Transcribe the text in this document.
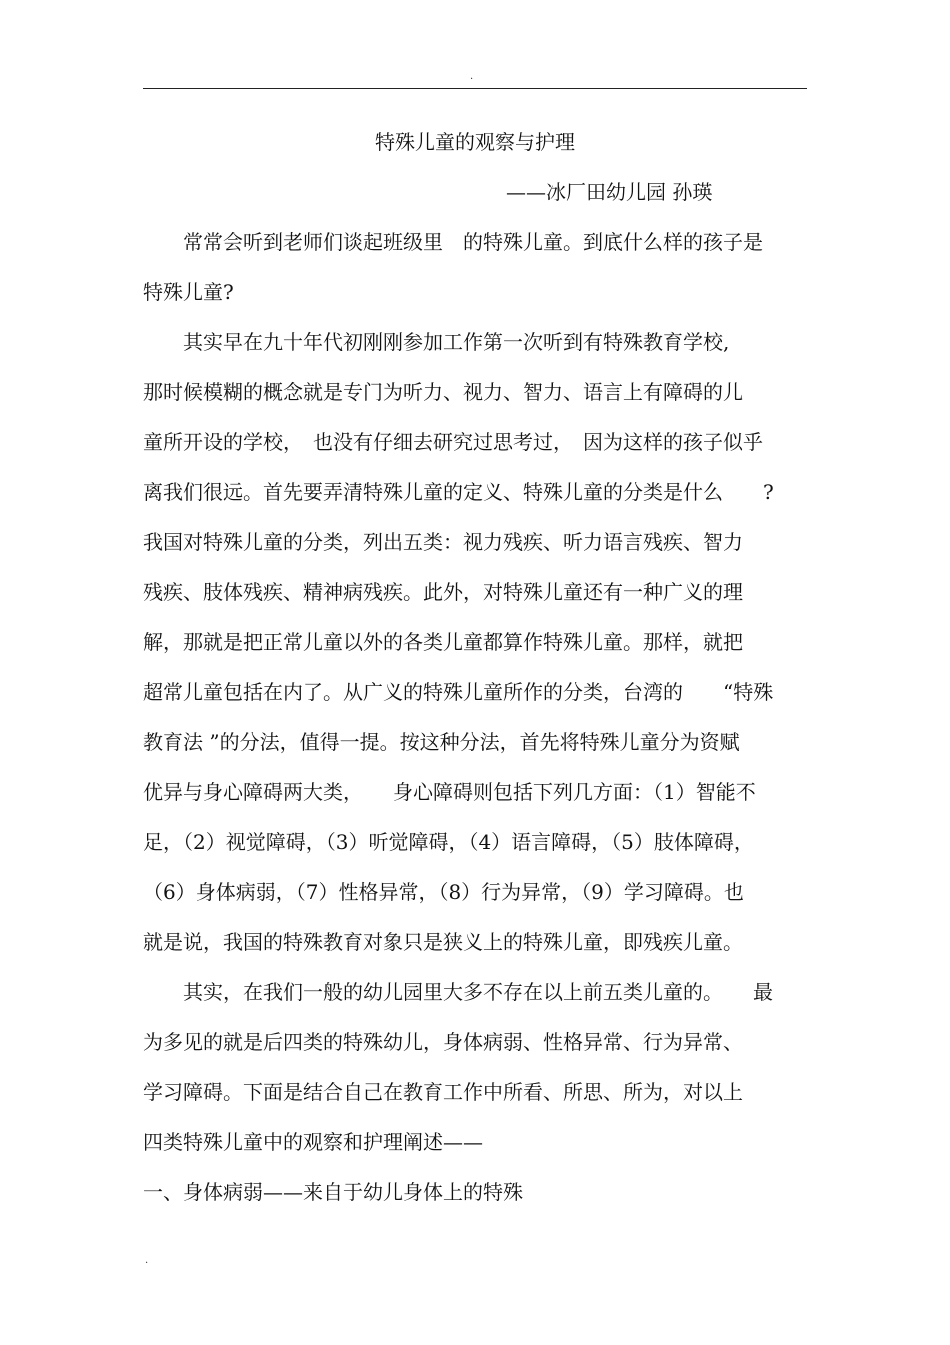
.
特殊儿童的观察与护理
——冰厂田幼儿园 孙瑛
　　常常会听到老师们谈起班级里　的特殊儿童。到底什么样的孩子是
特殊儿童?
　　其实早在九十年代初刚刚参加工作第一次听到有特殊教育学校,
那时候模糊的概念就是专门为听力、视力、智力、语言上有障碍的儿
童所开设的学校，　也没有仔细去研究过思考过，　因为这样的孩子似乎
离我们很远。首先要弄清特殊儿童的定义、特殊儿童的分类是什么　　?
我国对特殊儿童的分类，列出五类：视力残疾、听力语言残疾、智力
残疾、肢体残疾、精神病残疾。此外，对特殊儿童还有一种广义的理
解，那就是把正常儿童以外的各类儿童都算作特殊儿童。那样，就把
超常儿童包括在内了。从广义的特殊儿童所作的分类，台湾的　　“特殊
教育法 ”的分法，值得一提。按这种分法，首先将特殊儿童分为资赋
优异与身心障碍两大类，　　身心障碍则包括下列几方面：（1）智能不
足，（2）视觉障碍，（3）听觉障碍，（4）语言障碍，（5）肢体障碍，
（6）身体病弱，（7）性格异常，（8）行为异常，（9）学习障碍。也
就是说，我国的特殊教育对象只是狭义上的特殊儿童，即残疾儿童。
　　其实，在我们一般的幼儿园里大多不存在以上前五类儿童的。　　最
为多见的就是后四类的特殊幼儿，身体病弱、性格异常、行为异常、
学习障碍。下面是结合自己在教育工作中所看、所思、所为，对以上
四类特殊儿童中的观察和护理阐述——
一、身体病弱——来自于幼儿身体上的特殊
.
